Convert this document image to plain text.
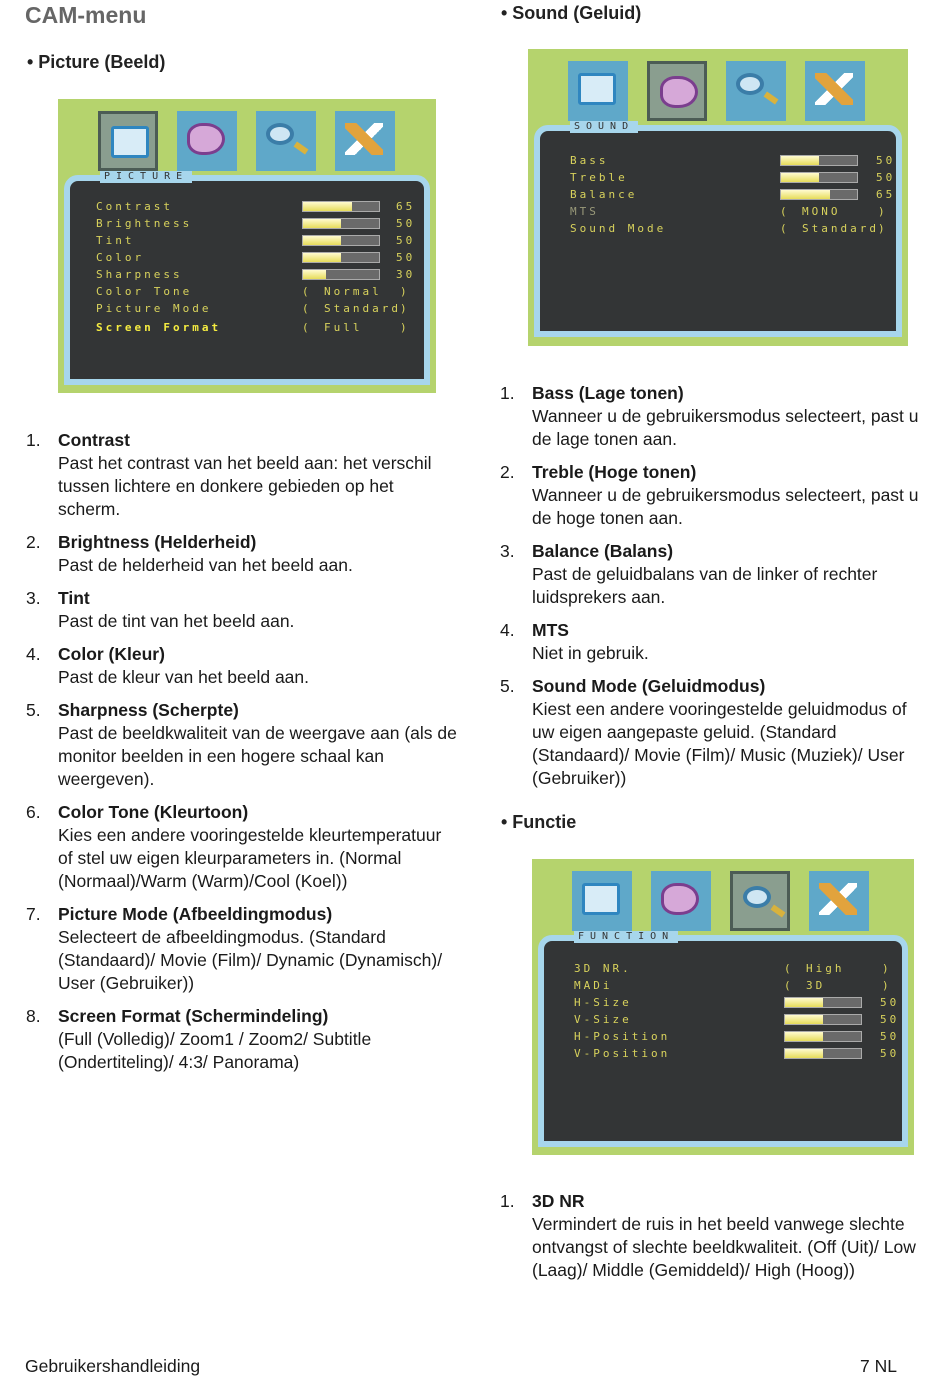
CAM-menu
• Picture (Beeld)
• Sound (Geluid)
• Functie
PICTURE
Contrast	65
Brightness	50
Tint	50
Color	50
Sharpness	30
Color Tone	( Normal )
Picture Mode	( Standard )
Screen Format	( Full	)
SOUND
Bass	50
Treble	50
Balance	65
MTS	( MONO	)
Sound Mode	( Standard )
FUNCTION
3D NR.	( High	)
MADi	( 3D	)
H-Size	50
V-Size	50
H-Position	50
V-Position	50
1. Contrast
Past het contrast van het beeld aan: het verschil tussen lichtere en donkere gebieden op het scherm.
2. Brightness (Helderheid)
Past de helderheid van het beeld aan.
3. Tint
Past de tint van het beeld aan.
4. Color (Kleur)
Past de kleur van het beeld aan.
5. Sharpness (Scherpte)
Past de beeldkwaliteit van de weergave aan (als de monitor beelden in een hogere schaal kan weergeven).
6. Color Tone (Kleurtoon)
Kies een andere vooringestelde kleurtemperatuur of stel uw eigen kleurparameters in. (Normal (Normaal)/Warm (Warm)/Cool (Koel))
7. Picture Mode (Afbeeldingmodus)
Selecteert de afbeeldingmodus. (Standard (Standaard)/ Movie (Film)/ Dynamic (Dynamisch)/ User (Gebruiker))
8. Screen Format (Schermindeling)
(Full (Volledig)/ Zoom1 / Zoom2/ Subtitle (Ondertiteling)/ 4:3/ Panorama)
1. Bass (Lage tonen)
Wanneer u de gebruikersmodus selecteert, past u de lage tonen aan.
2. Treble (Hoge tonen)
Wanneer u de gebruikersmodus selecteert, past u de hoge tonen aan.
3. Balance (Balans)
Past de geluidbalans van de linker of rechter luidsprekers aan.
4. MTS
Niet in gebruik.
5. Sound Mode (Geluidmodus)
Kiest een andere vooringestelde geluidmodus of uw eigen aangepaste geluid. (Standard (Standaard)/ Movie (Film)/ Music (Muziek)/ User (Gebruiker))
1. 3D NR
Vermindert de ruis in het beeld vanwege slechte ontvangst of slechte beeldkwaliteit. (Off (Uit)/ Low (Laag)/ Middle (Gemiddeld)/ High (Hoog))
Gebruikershandleiding	7 NL
